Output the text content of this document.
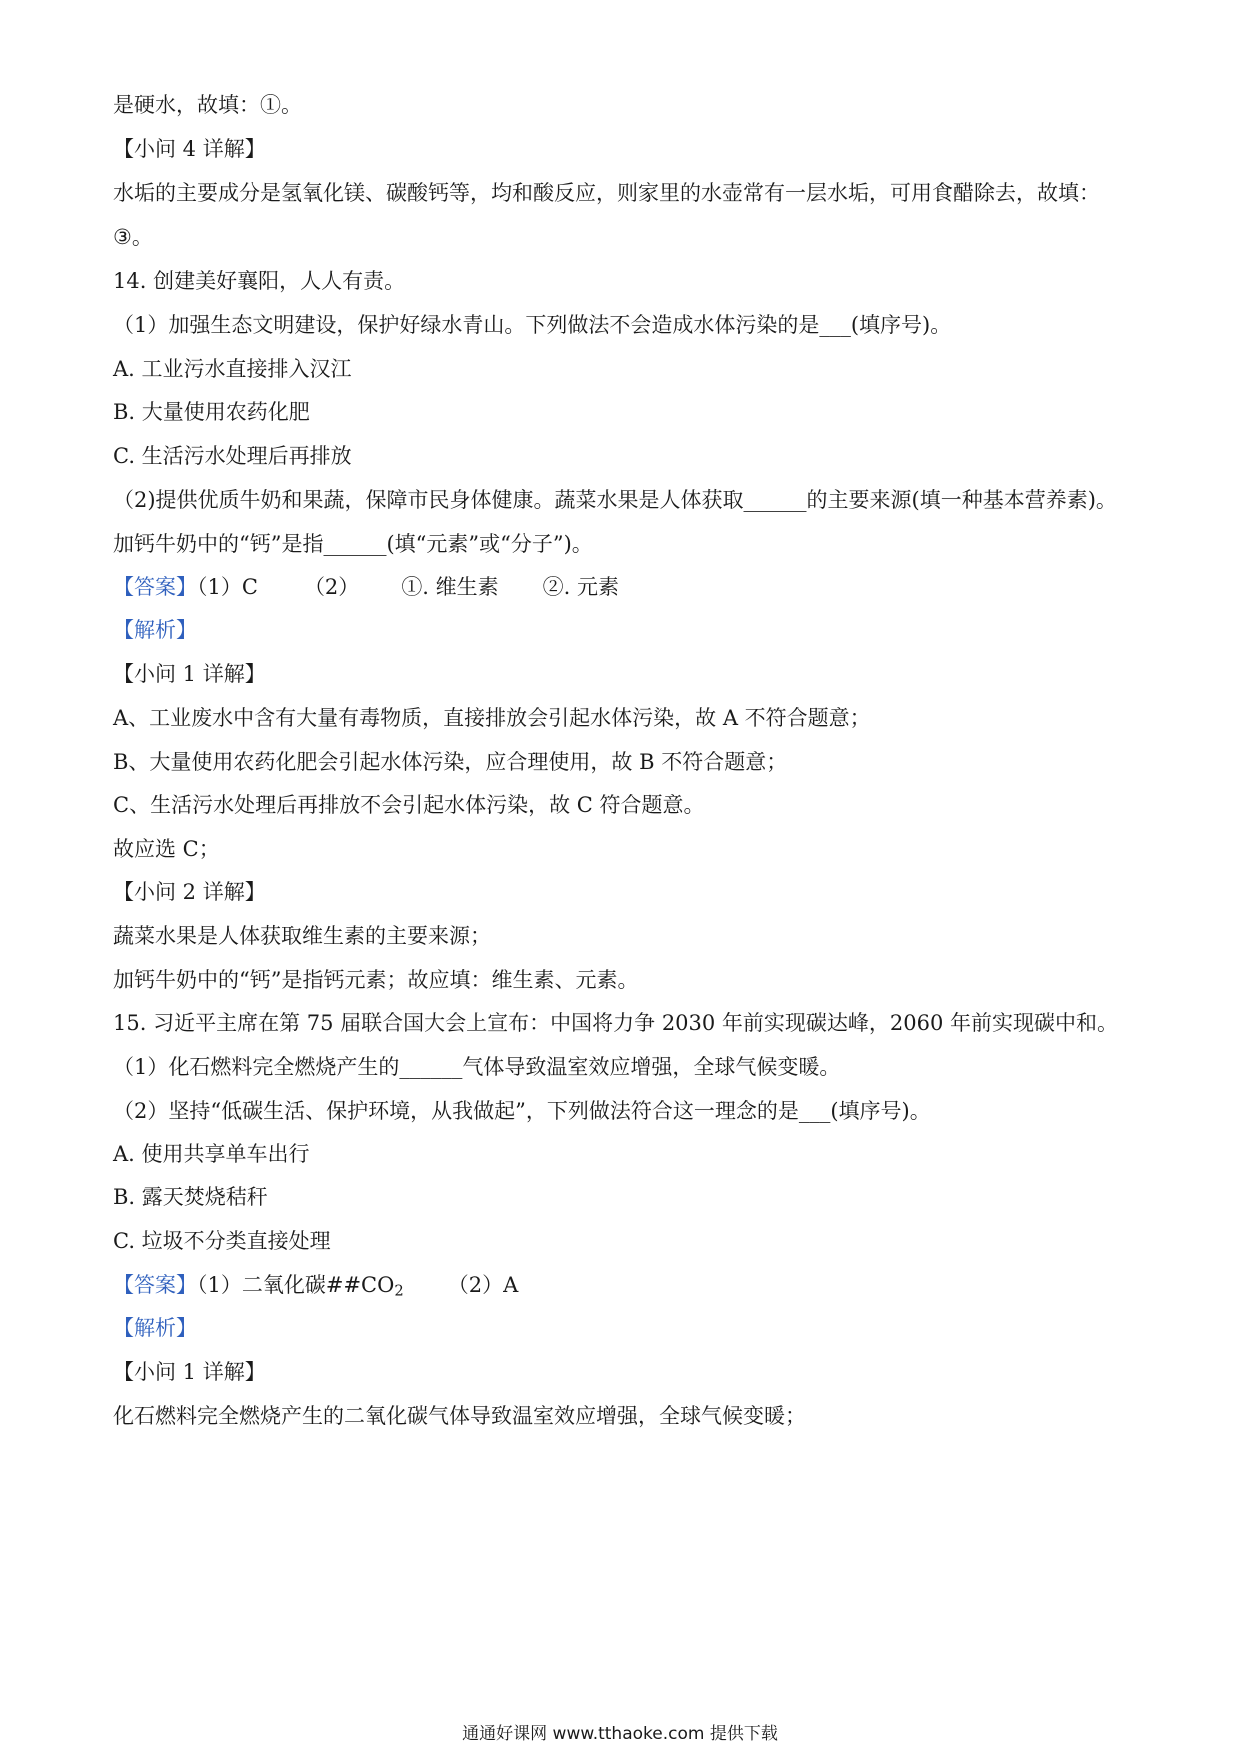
是硬水，故填：①。
【小问 4 详解】
水垢的主要成分是氢氧化镁、碳酸钙等，均和酸反应，则家里的水壶常有一层水垢，可用食醋除去，故填：
③。
14. 创建美好襄阳，人人有责。
（1）加强生态文明建设，保护好绿水青山。下列做法不会造成水体污染的是___(填序号)。
A. 工业污水直接排入汉江
B. 大量使用农药化肥
C. 生活污水处理后再排放
（2)提供优质牛奶和果蔬，保障市民身体健康。蔬菜水果是人体获取______的主要来源(填一种基本营养素)。
加钙牛奶中的“钙”是指______(填“元素”或“分子”)。
【答案】（1）C （2） ①. 维生素 ②. 元素
【解析】
【小问 1 详解】
A、工业废水中含有大量有毒物质，直接排放会引起水体污染，故 A 不符合题意；
B、大量使用农药化肥会引起水体污染，应合理使用，故 B 不符合题意；
C、生活污水处理后再排放不会引起水体污染，故 C 符合题意。
故应选 C；
【小问 2 详解】
蔬菜水果是人体获取维生素的主要来源；
加钙牛奶中的“钙”是指钙元素；故应填：维生素、元素。
15. 习近平主席在第 75 届联合国大会上宣布：中国将力争 2030 年前实现碳达峰，2060 年前实现碳中和。
（1）化石燃料完全燃烧产生的______气体导致温室效应增强，全球气候变暖。
（2）坚持“低碳生活、保护环境，从我做起”，下列做法符合这一理念的是___(填序号)。
A. 使用共享单车出行
B. 露天焚烧秸秆
C. 垃圾不分类直接处理
【答案】（1）二氧化碳$\#\#CO_2$ （2）A
【解析】
【小问 1 详解】
化石燃料完全燃烧产生的二氧化碳气体导致温室效应增强，全球气候变暖；
通通好课网 www.tthaoke.com 提供下载
